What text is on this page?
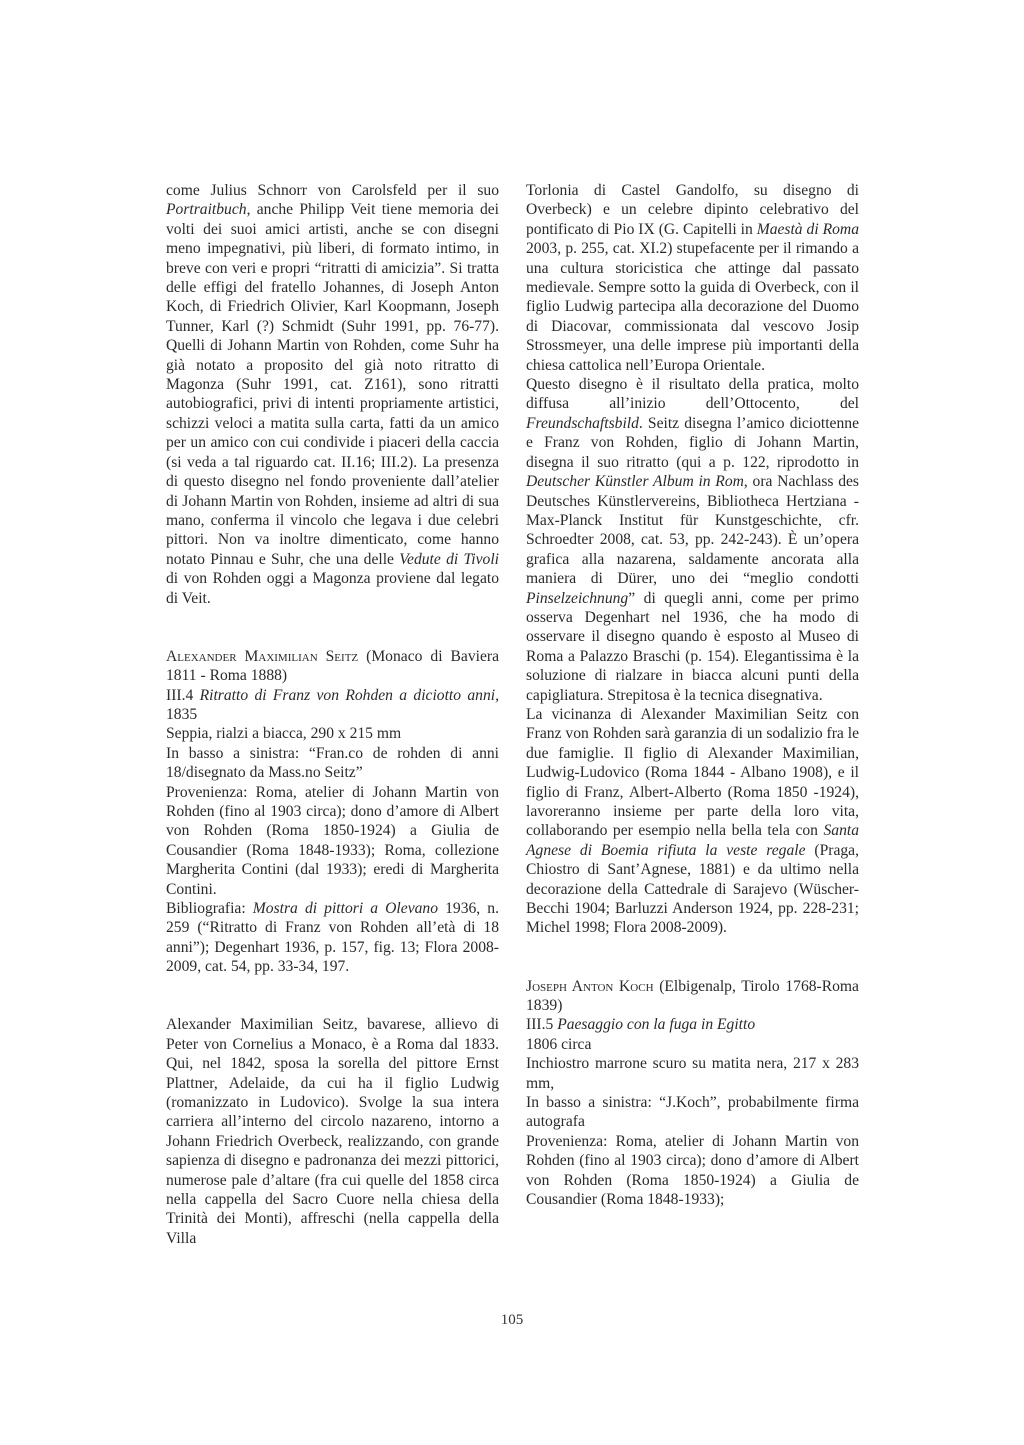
come Julius Schnorr von Carolsfeld per il suo Portraitbuch, anche Philipp Veit tiene memoria dei volti dei suoi amici artisti, anche se con disegni meno impegnativi, più liberi, di formato intimo, in breve con veri e propri “ritratti di amicizia”. Si tratta delle effigi del fratello Johannes, di Joseph Anton Koch, di Friedrich Olivier, Karl Koopmann, Joseph Tunner, Karl (?) Schmidt (Suhr 1991, pp. 76-77). Quelli di Johann Martin von Rohden, come Suhr ha già notato a proposito del già noto ritratto di Magonza (Suhr 1991, cat. Z161), sono ritratti autobiografici, privi di intenti propriamente artistici, schizzi veloci a matita sulla carta, fatti da un amico per un amico con cui condivide i piaceri della caccia (si veda a tal riguardo cat. II.16; III.2). La presenza di questo disegno nel fondo proveniente dall’atelier di Johann Martin von Rohden, insieme ad altri di sua mano, conferma il vincolo che legava i due celebri pittori. Non va inoltre dimenticato, come hanno notato Pinnau e Suhr, che una delle Vedute di Tivoli di von Rohden oggi a Magonza proviene dal legato di Veit.

Alexander Maximilian Seitz (Monaco di Baviera 1811 - Roma 1888)

III.4 Ritratto di Franz von Rohden a diciotto anni, 1835

Seppia, rialzi a biacca, 290 x 215 mm

In basso a sinistra: “Fran.co de rohden di anni 18/disegnato da Mass.no Seitz”

Provenienza: Roma, atelier di Johann Martin von Rohden (fino al 1903 circa); dono d’amore di Albert von Rohden (Roma 1850-1924) a Giulia de Cousandier (Roma 1848-1933); Roma, collezione Margherita Contini (dal 1933); eredi di Margherita Contini.

Bibliografia: Mostra di pittori a Olevano 1936, n. 259 (“Ritratto di Franz von Rohden all’età di 18 anni”); Degenhart 1936, p. 157, fig. 13; Flora 2008-2009, cat. 54, pp. 33-34, 197.

Alexander Maximilian Seitz, bavarese, allievo di Peter von Cornelius a Monaco, è a Roma dal 1833. Qui, nel 1842, sposa la sorella del pittore Ernst Plattner, Adelaide, da cui ha il figlio Ludwig (romanizzato in Ludovico). Svolge la sua intera carriera all’interno del circolo nazareno, intorno a Johann Friedrich Overbeck, realizzando, con grande sapienza di disegno e padronanza dei mezzi pittorici, numerose pale d’altare (fra cui quelle del 1858 circa nella cappella del Sacro Cuore nella chiesa della Trinità dei Monti), affreschi (nella cappella della Villa

Torlonia di Castel Gandolfo, su disegno di Overbeck) e un celebre dipinto celebrativo del pontificato di Pio IX (G. Capitelli in Maestà di Roma 2003, p. 255, cat. XI.2) stupefacente per il rimando a una cultura storicistica che attinge dal passato medievale. Sempre sotto la guida di Overbeck, con il figlio Ludwig partecipa alla decorazione del Duomo di Diacovar, commissionata dal vescovo Josip Strossmeyer, una delle imprese più importanti della chiesa cattolica nell’Europa Orientale.

Questo disegno è il risultato della pratica, molto diffusa all’inizio dell’Ottocento, del Freundschaftsbild. Seitz disegna l’amico diciottenne e Franz von Rohden, figlio di Johann Martin, disegna il suo ritratto (qui a p. 122, riprodotto in Deutscher Künstler Album in Rom, ora Nachlass des Deutsches Künstlervereins, Bibliotheca Hertziana - Max-Planck Institut für Kunstgeschichte, cfr. Schroedter 2008, cat. 53, pp. 242-243). È un’opera grafica alla nazarena, saldamente ancorata alla maniera di Dürer, uno dei “meglio condotti Pinselzeichnung” di quegli anni, come per primo osserva Degenhart nel 1936, che ha modo di osservare il disegno quando è esposto al Museo di Roma a Palazzo Braschi (p. 154). Elegantissima è la soluzione di rialzare in biacca alcuni punti della capigliatura. Strepitosa è la tecnica disegnativa.

La vicinanza di Alexander Maximilian Seitz con Franz von Rohden sarà garanzia di un sodalizio fra le due famiglie. Il figlio di Alexander Maximilian, Ludwig-Ludovico (Roma 1844 - Albano 1908), e il figlio di Franz, Albert-Alberto (Roma 1850 -1924), lavoreranno insieme per parte della loro vita, collaborando per esempio nella bella tela con Santa Agnese di Boemia rifiuta la veste regale (Praga, Chiostro di Sant’Agnese, 1881) e da ultimo nella decorazione della Cattedrale di Sarajevo (Wüscher-Becchi 1904; Barluzzi Anderson 1924, pp. 228-231; Michel 1998; Flora 2008-2009).

Joseph Anton Koch (Elbigenalp, Tirolo 1768-Roma 1839)

III.5 Paesaggio con la fuga in Egitto

1806 circa

Inchiostro marrone scuro su matita nera, 217 x 283 mm,

In basso a sinistra: “J.Koch”, probabilmente firma autografa

Provenienza: Roma, atelier di Johann Martin von Rohden (fino al 1903 circa); dono d’amore di Albert von Rohden (Roma 1850-1924) a Giulia de Cousandier (Roma 1848-1933);

105
